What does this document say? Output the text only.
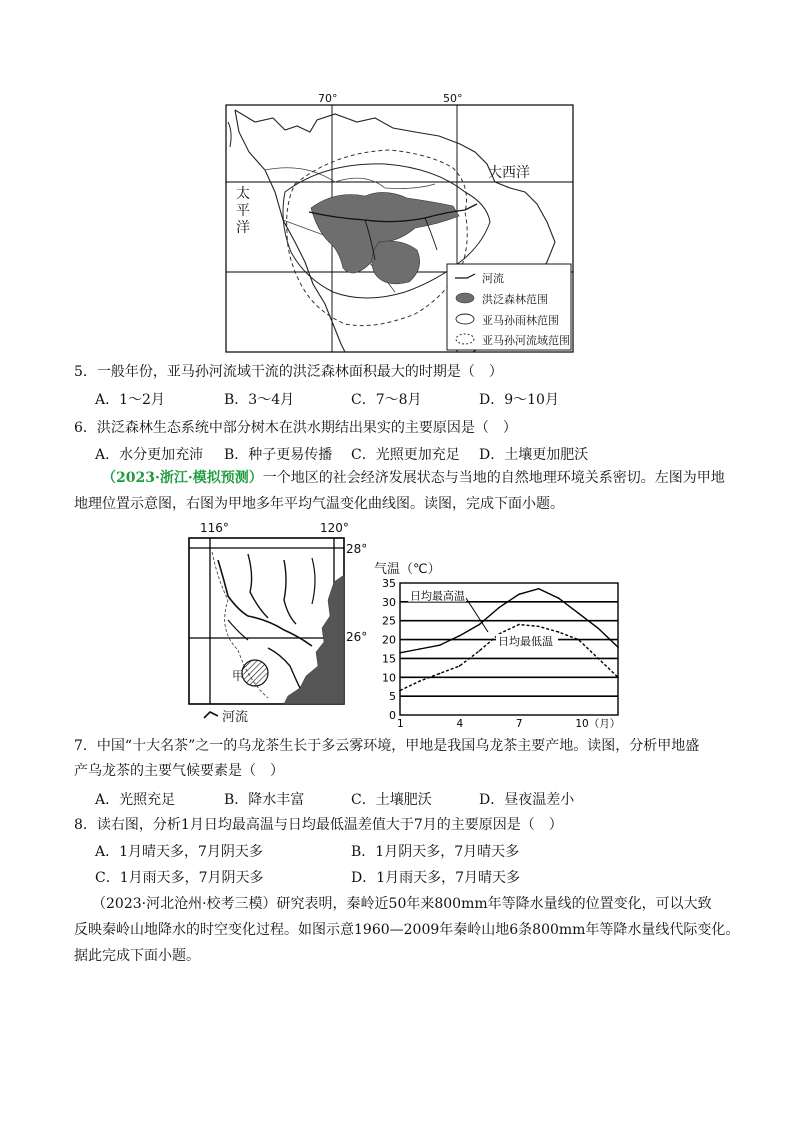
70°	50°
大西洋
太
平
洋
河流
洪泛森林范围
亚马孙雨林范围
亚马孙河流域范围
5．一般年份，亚马孙河流域干流的洪泛森林面积最大的时期是（　）
A．1～2月	B．3～4月	C．7～8月	D．9～10月
6．洪泛森林生态系统中部分树木在洪水期结出果实的主要原因是（　）
A．水分更加充沛 B．种子更易传播 C．光照更加充足 D．土壤更加肥沃
（2023·浙江·模拟预测）一个地区的社会经济发展状态与当地的自然地理环境关系密切。左图为甲地
地理位置示意图，右图为甲地多年平均气温变化曲线图。读图，完成下面小题。
116°	120°
28°
26°
甲
河流
气温（℃）
0
5
10
15
20
25
30
35
1	4	7	10（月）
日均最高温
日均最低温
7．中国“十大名茶”之一的乌龙茶生长于多云雾环境，甲地是我国乌龙茶主要产地。读图，分析甲地盛
产乌龙茶的主要气候要素是（　）
A．光照充足	B．降水丰富	C．土壤肥沃	D．昼夜温差小
8．读右图，分析1月日均最高温与日均最低温差值大于7月的主要原因是（　）
A．1月晴天多，7月阴天多	B．1月阴天多，7月晴天多
C．1月雨天多，7月阴天多	D．1月雨天多，7月晴天多
（2023·河北沧州·校考三模）研究表明，秦岭近50年来800mm年等降水量线的位置变化，可以大致
反映秦岭山地降水的时空变化过程。如图示意1960—2009年秦岭山地6条800mm年等降水量线代际变化。
据此完成下面小题。
